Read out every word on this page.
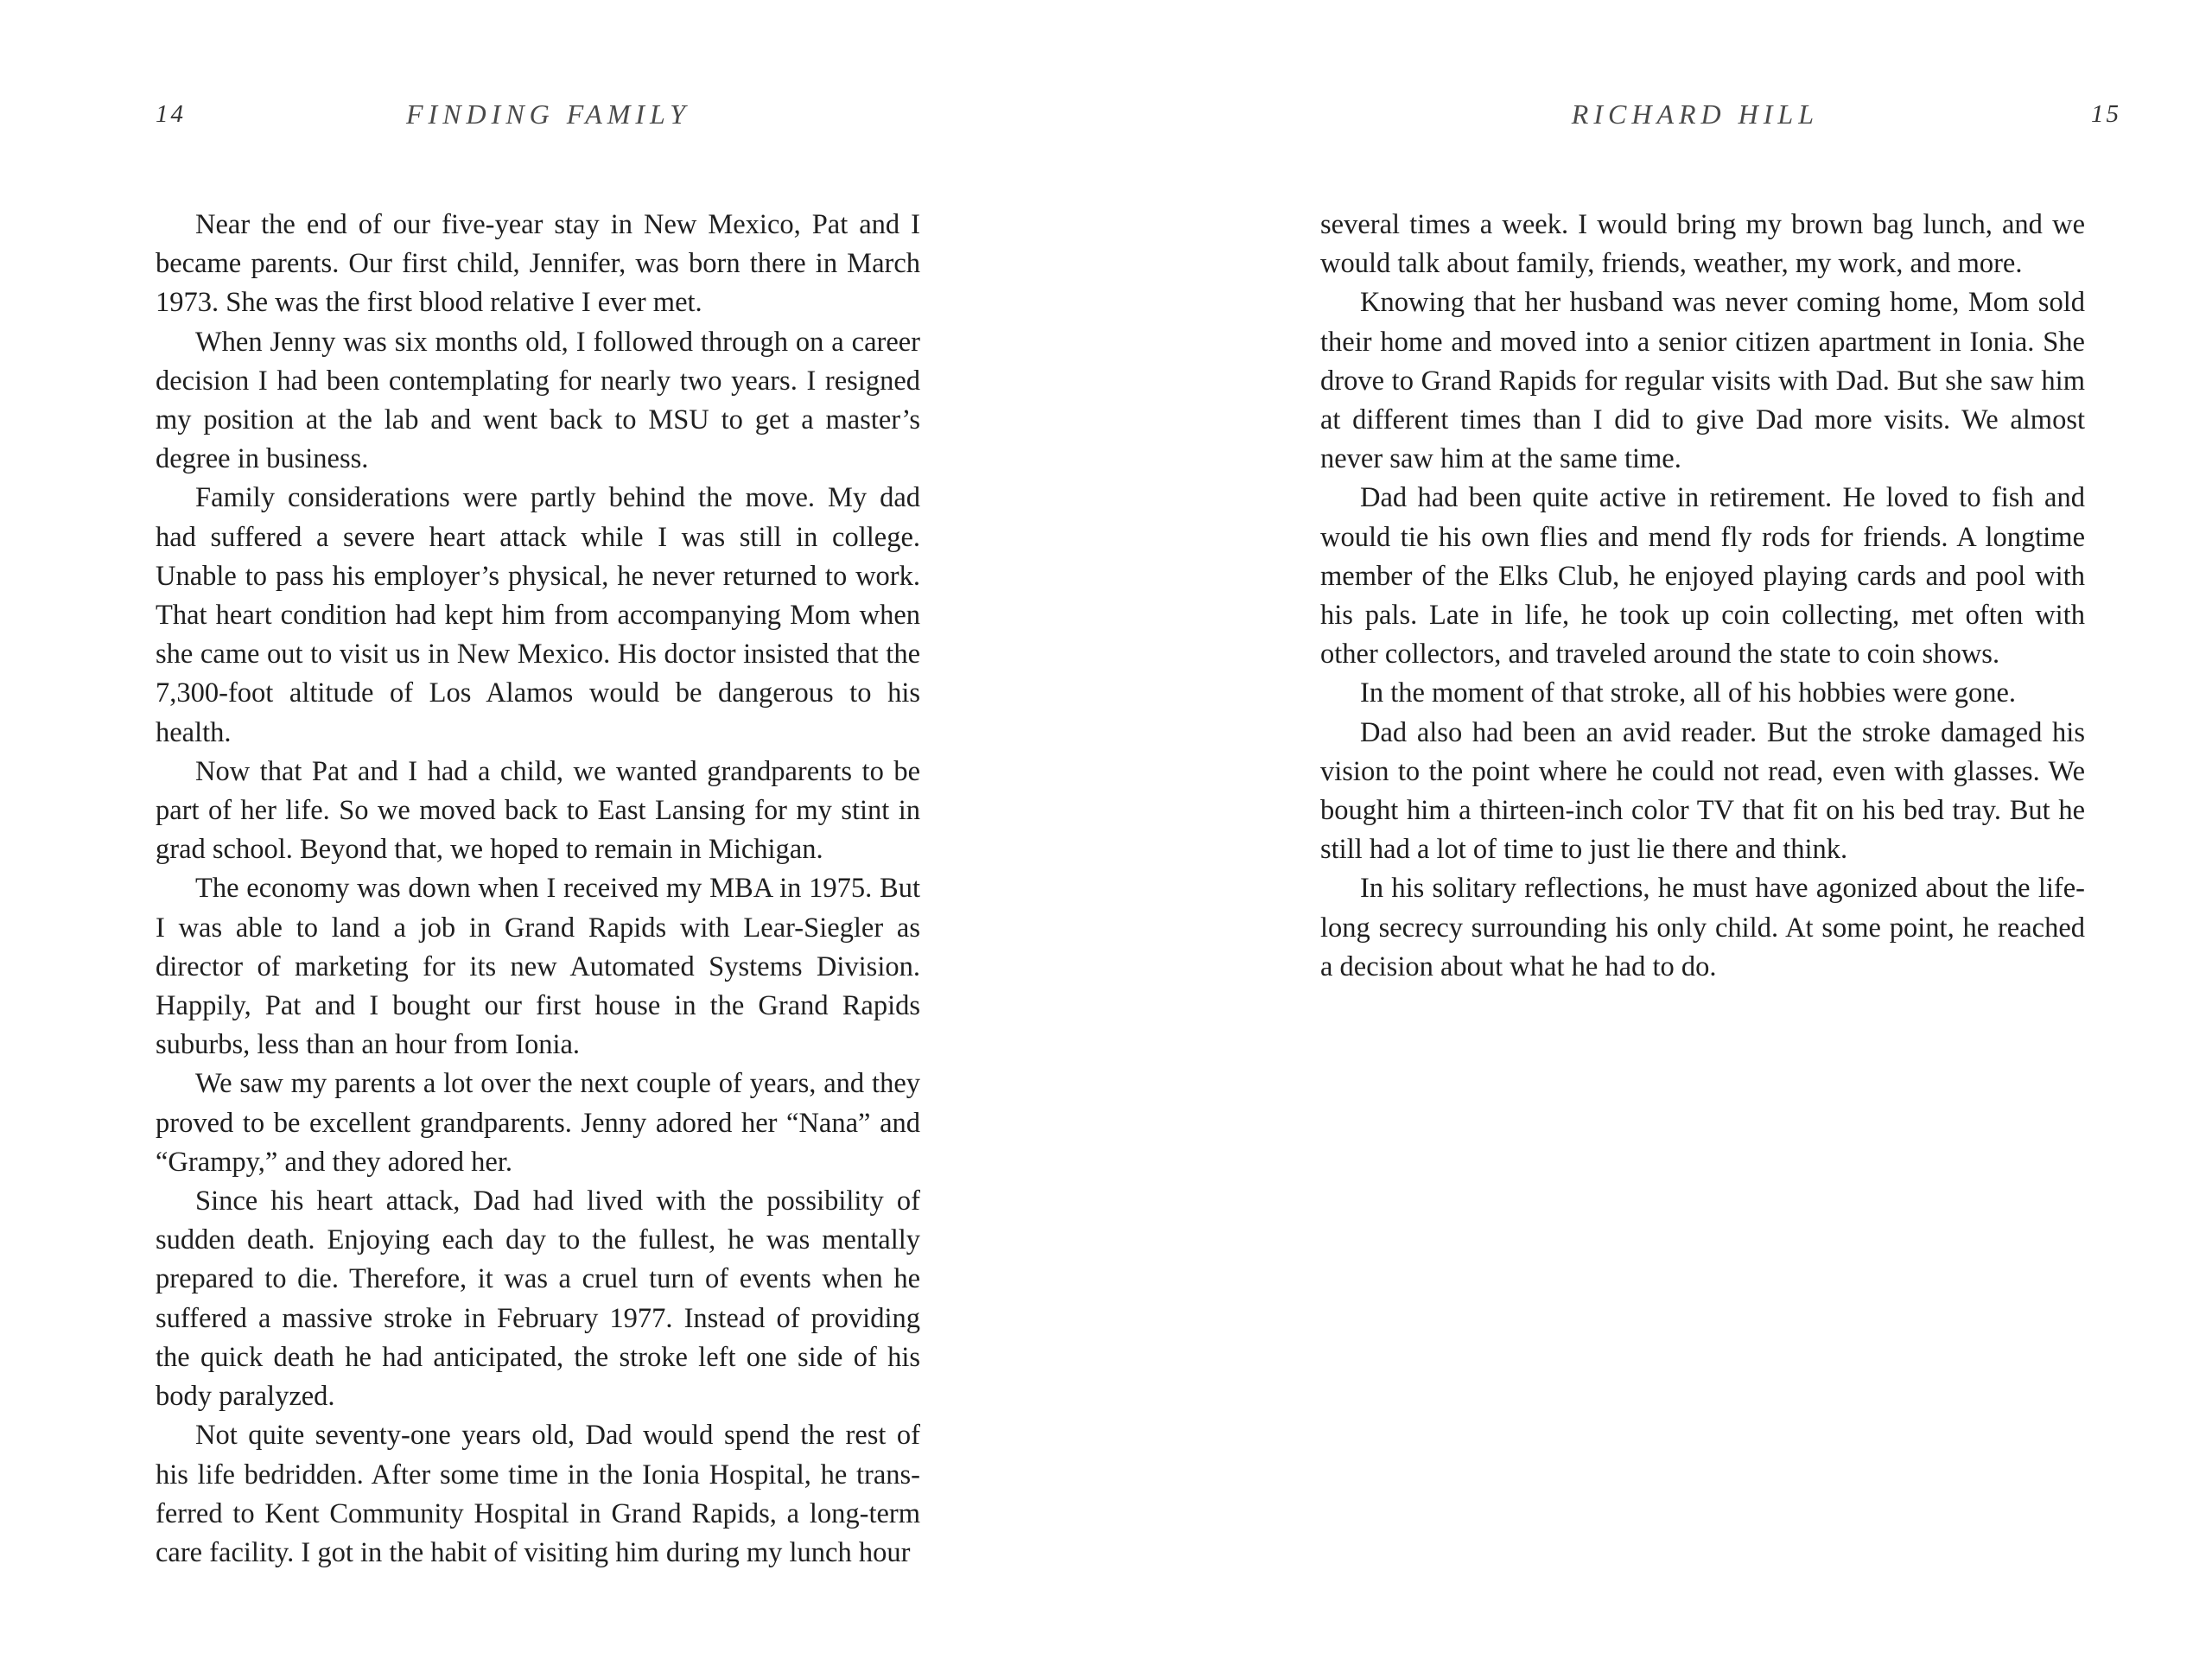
14	FINDING FAMILY

Near the end of our five-year stay in New Mexico, Pat and I became parents. Our first child, Jennifer, was born there in March 1973. She was the first blood relative I ever met.

When Jenny was six months old, I followed through on a career decision I had been contemplating for nearly two years. I resigned my position at the lab and went back to MSU to get a master’s degree in business.

Family considerations were partly behind the move. My dad had suffered a severe heart attack while I was still in college. Unable to pass his employer’s physical, he never returned to work. That heart condition had kept him from accompanying Mom when she came out to visit us in New Mexico. His doctor insisted that the 7,300-foot altitude of Los Alamos would be dangerous to his health.

Now that Pat and I had a child, we wanted grandparents to be part of her life. So we moved back to East Lansing for my stint in grad school. Beyond that, we hoped to remain in Michigan.

The economy was down when I received my MBA in 1975. But I was able to land a job in Grand Rapids with Lear-Siegler as director of marketing for its new Automated Systems Division. Happily, Pat and I bought our first house in the Grand Rapids suburbs, less than an hour from Ionia.

We saw my parents a lot over the next couple of years, and they proved to be excellent grandparents. Jenny adored her “Nana” and “Grampy,” and they adored her.

Since his heart attack, Dad had lived with the possibility of sudden death. Enjoying each day to the fullest, he was mentally prepared to die. Therefore, it was a cruel turn of events when he suffered a massive stroke in February 1977. Instead of providing the quick death he had anticipated, the stroke left one side of his body paralyzed.

Not quite seventy-one years old, Dad would spend the rest of his life bedridden. After some time in the Ionia Hospital, he transferred to Kent Community Hospital in Grand Rapids, a long-term care facility. I got in the habit of visiting him during my lunch hour

RICHARD HILL	15

several times a week. I would bring my brown bag lunch, and we would talk about family, friends, weather, my work, and more.

Knowing that her husband was never coming home, Mom sold their home and moved into a senior citizen apartment in Ionia. She drove to Grand Rapids for regular visits with Dad. But she saw him at different times than I did to give Dad more visits. We almost never saw him at the same time.

Dad had been quite active in retirement. He loved to fish and would tie his own flies and mend fly rods for friends. A longtime member of the Elks Club, he enjoyed playing cards and pool with his pals. Late in life, he took up coin collecting, met often with other collectors, and traveled around the state to coin shows.

In the moment of that stroke, all of his hobbies were gone.

Dad also had been an avid reader. But the stroke damaged his vision to the point where he could not read, even with glasses. We bought him a thirteen-inch color TV that fit on his bed tray. But he still had a lot of time to just lie there and think.

In his solitary reflections, he must have agonized about the lifelong secrecy surrounding his only child. At some point, he reached a decision about what he had to do.
